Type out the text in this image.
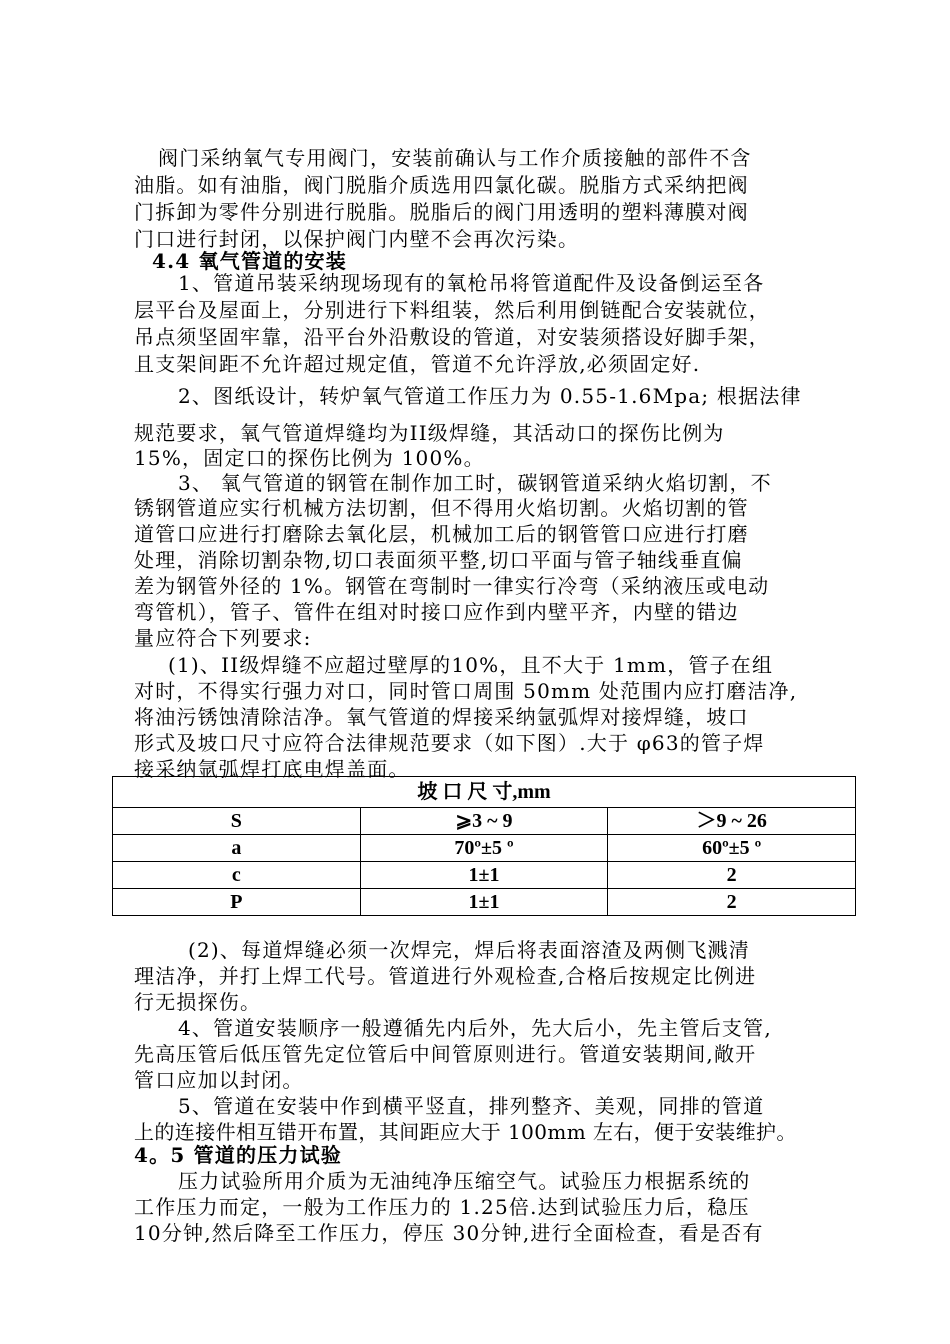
阀门采纳氧气专用阀门，安装前确认与工作介质接触的部件不含
油脂。如有油脂，阀门脱脂介质选用四氯化碳。脱脂方式采纳把阀
门拆卸为零件分别进行脱脂。脱脂后的阀门用透明的塑料薄膜对阀
门口进行封闭，以保护阀门内壁不会再次污染。
4.4 氧气管道的安装
1、管道吊装采纳现场现有的氧枪吊将管道配件及设备倒运至各
层平台及屋面上，分别进行下料组装，然后利用倒链配合安装就位，
吊点须坚固牢靠，沿平台外沿敷设的管道，对安装须搭设好脚手架，
且支架间距不允许超过规定值，管道不允许浮放,必须固定好.
2、图纸设计，转炉氧气管道工作压力为 0.55-1.6Mpa; 根据法律
规范要求，氧气管道焊缝均为II级焊缝，其活动口的探伤比例为
15%，固定口的探伤比例为 100%。
3、 氧气管道的钢管在制作加工时，碳钢管道采纳火焰切割，不
锈钢管道应实行机械方法切割，但不得用火焰切割。火焰切割的管
道管口应进行打磨除去氧化层，机械加工后的钢管管口应进行打磨
处理，消除切割杂物,切口表面须平整,切口平面与管子轴线垂直偏
差为钢管外径的 1%。钢管在弯制时一律实行冷弯（采纳液压或电动
弯管机），管子、管件在组对时接口应作到内壁平齐，内壁的错边
量应符合下列要求:
(1)、II级焊缝不应超过壁厚的10%，且不大于 1mm，管子在组
对时，不得实行强力对口，同时管口周围 50mm 处范围内应打磨洁净,
将油污锈蚀清除洁净。氧气管道的焊接采纳氩弧焊对接焊缝，坡口
形式及坡口尺寸应符合法律规范要求（如下图）.大于 φ63的管子焊
接采纳氩弧焊打底电焊盖面。
坡 口 尺 寸,mm		
S	⩾3 ~ 9	＞9 ~ 26
a	70º±5 º	60º±5 º
c	1±1	2
P	1±1	2
(2)、每道焊缝必须一次焊完，焊后将表面溶渣及两侧飞溅清
理洁净，并打上焊工代号。管道进行外观检查,合格后按规定比例进
行无损探伤。
4、管道安装顺序一般遵循先内后外，先大后小，先主管后支管,
先高压管后低压管先定位管后中间管原则进行。管道安装期间,敞开
管口应加以封闭。
5、管道在安装中作到横平竖直，排列整齐、美观，同排的管道
上的连接件相互错开布置，其间距应大于 100mm 左右，便于安装维护。
4。5 管道的压力试验
压力试验所用介质为无油纯净压缩空气。试验压力根据系统的
工作压力而定，一般为工作压力的 1.25倍.达到试验压力后，稳压
10分钟,然后降至工作压力，停压 30分钟,进行全面检查，看是否有
